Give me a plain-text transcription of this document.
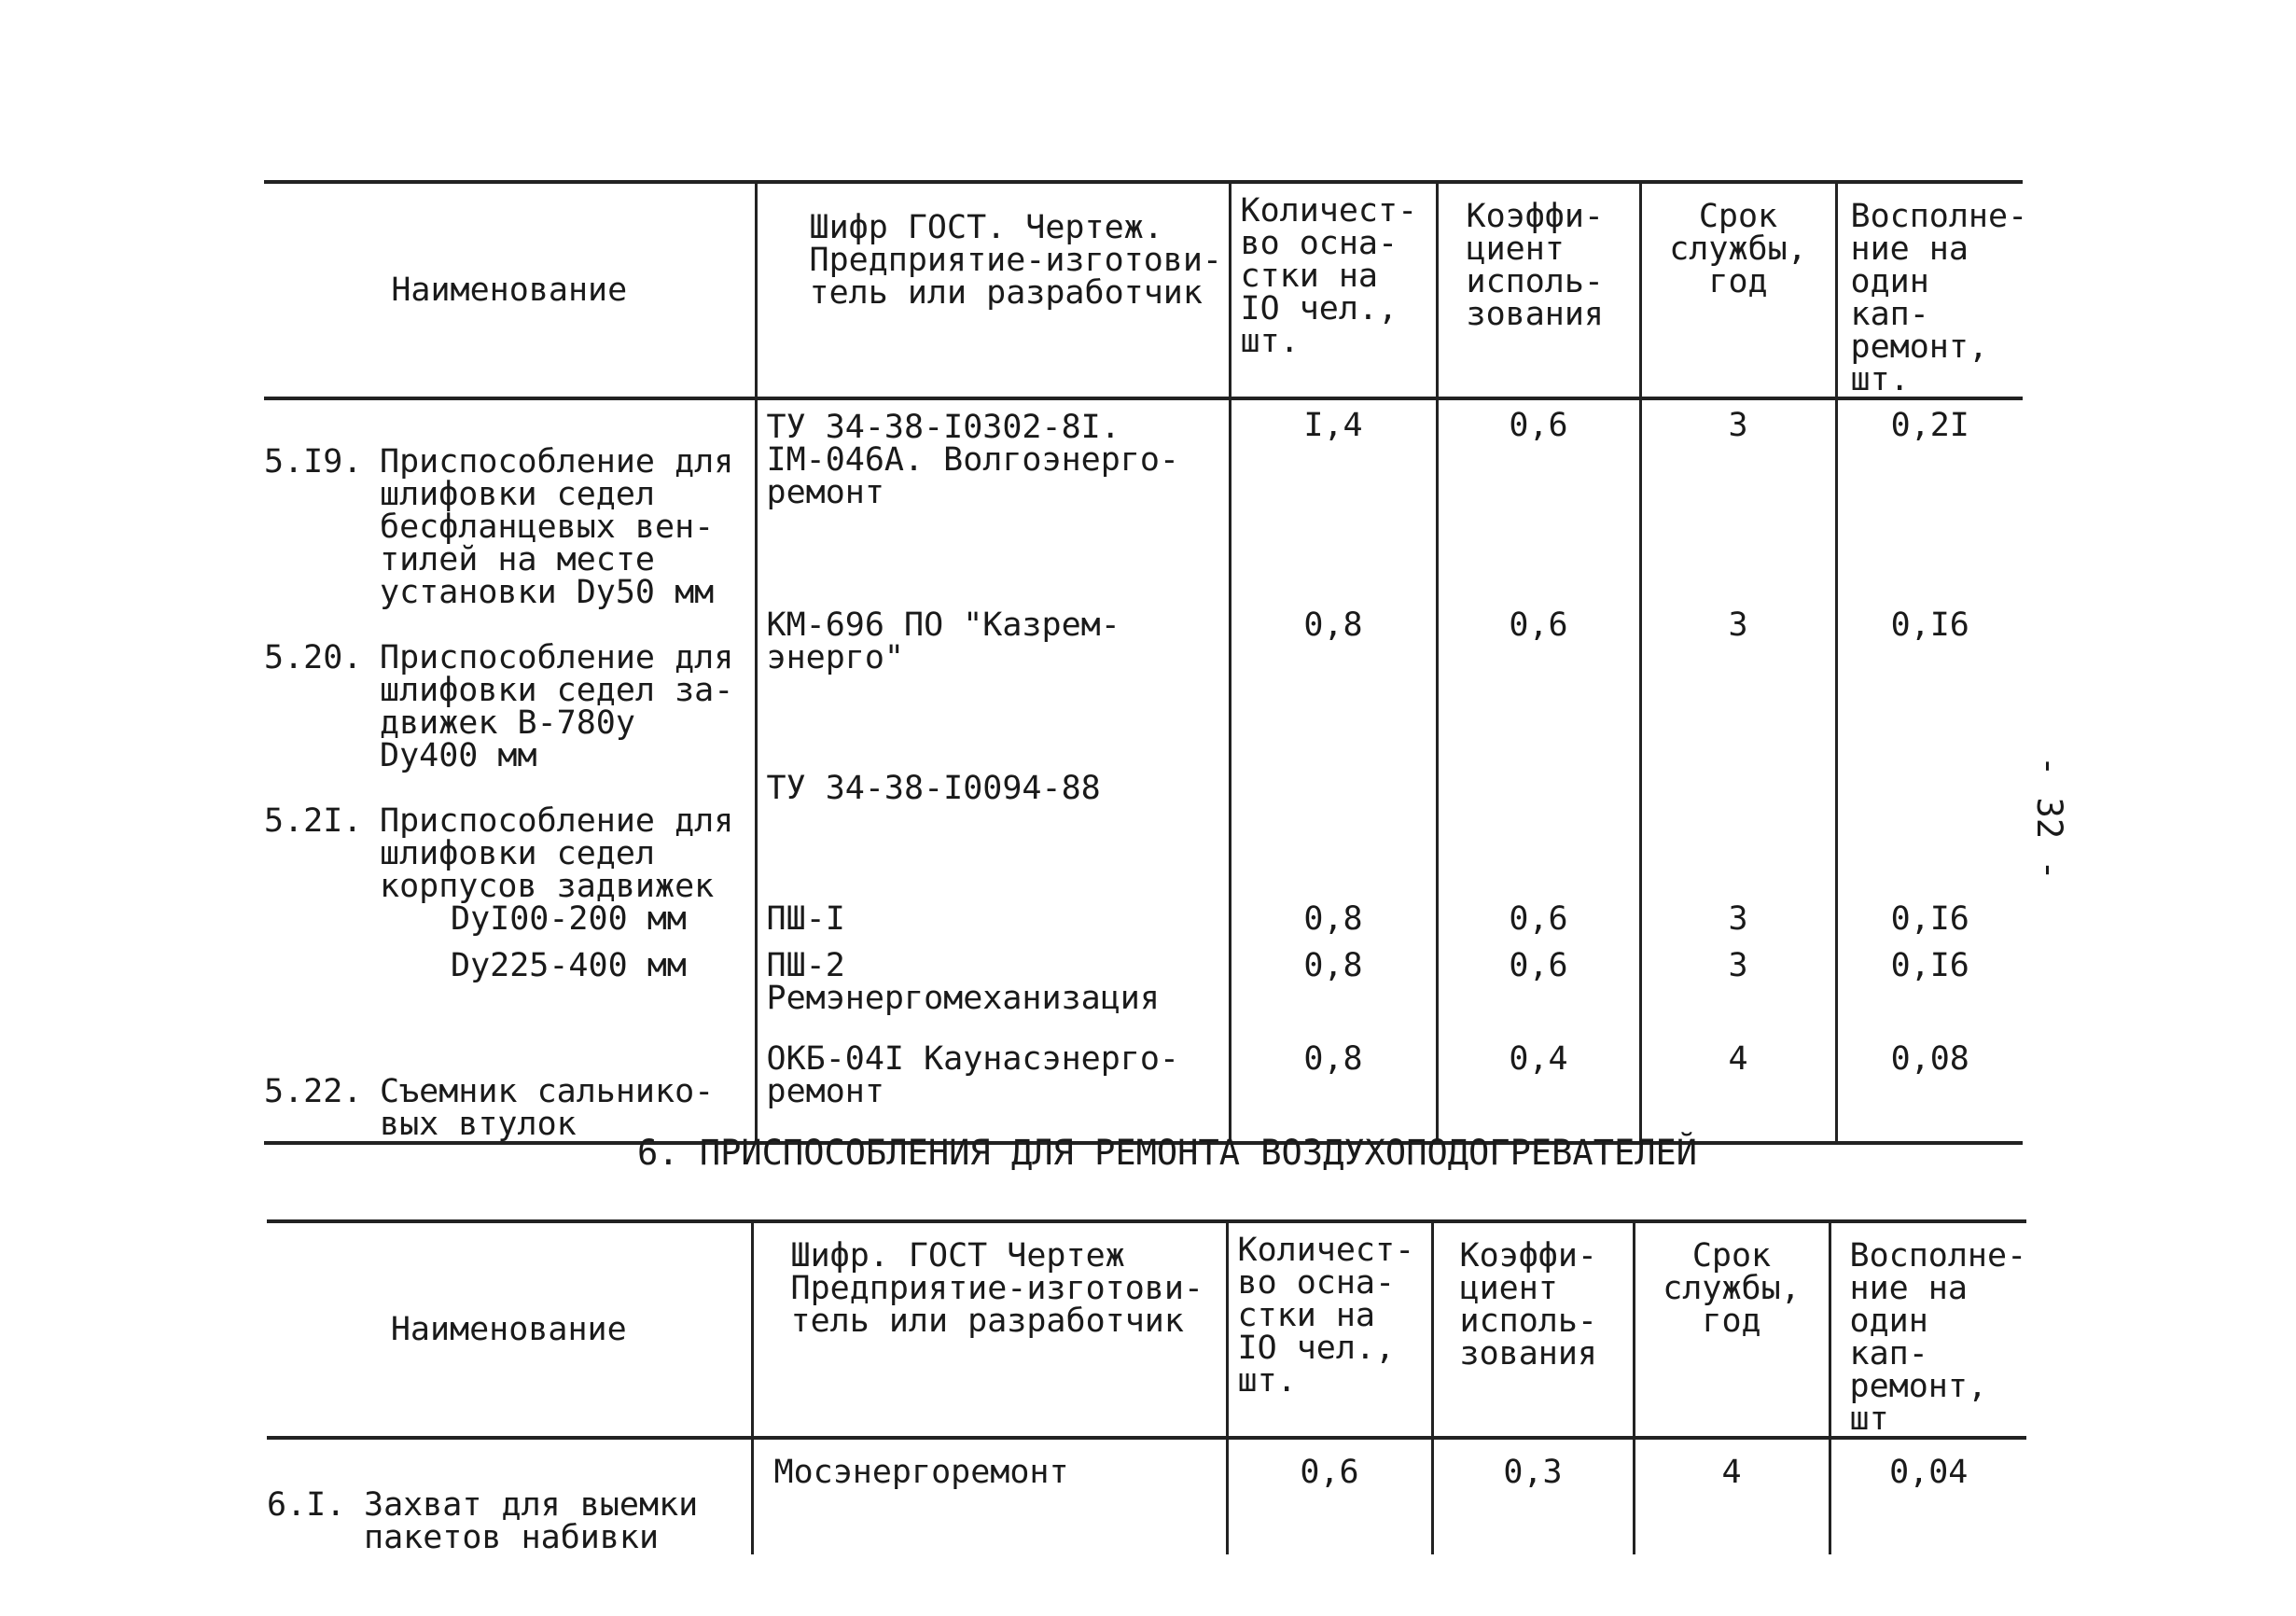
Наименование	Шифр ГОСТ. Чертеж.
Предприятие-изготови-
тель или разработчик	Количест-
во осна-
стки на
IO чел.,
шт.	Коэффи-
циент
исполь-
зования	Срок
службы,
год	Восполне-
ние на
один кап-
ремонт,
шт.

5.I9. Приспособление для
шлифовки седел
бесфланцевых вен-
тилей на месте
установки Dy50 мм	ТУ 34-38-I0302-8I.
IM-046A. Волгоэнерго-
ремонт	I,4	0,6	3	0,2I

5.20. Приспособление для
шлифовки седел за-
движек B-780y
Dy400 мм	KM-696 ПО "Казрем-
энерго"	0,8	0,6	3	0,I6

5.2I. Приспособление для
шлифовки седел
корпусов задвижек	ТУ 34-38-I0094-88				
DyI00-200 мм	ПШ-I	0,8	0,6	3	0,I6
Dy225-400 мм	ПШ-2
Ремэнергомеханизация	0,8	0,6	3	0,I6

5.22. Съемник сальнико-
вых втулок	OKБ-04I Каунасэнерго-
ремонт	0,8	0,4	4	0,08
6. ПРИСПОСОБЛЕНИЯ ДЛЯ РЕМОНТА ВОЗДУХОПОДОГРЕВАТЕЛЕЙ
Наименование	Шифр. ГОСТ Чертеж
Предприятие-изготови-
тель или разработчик	Количест-
во осна-
стки на
IO чел.,
шт.	Коэффи-
циент
исполь-
зования	Срок
службы,
год	Восполне-
ние на
один кап-
ремонт,
шт

6.I. Захват для выемки
пакетов набивки	Мосэнергоремонт	0,6	0,3	4	0,04
- 32 -
